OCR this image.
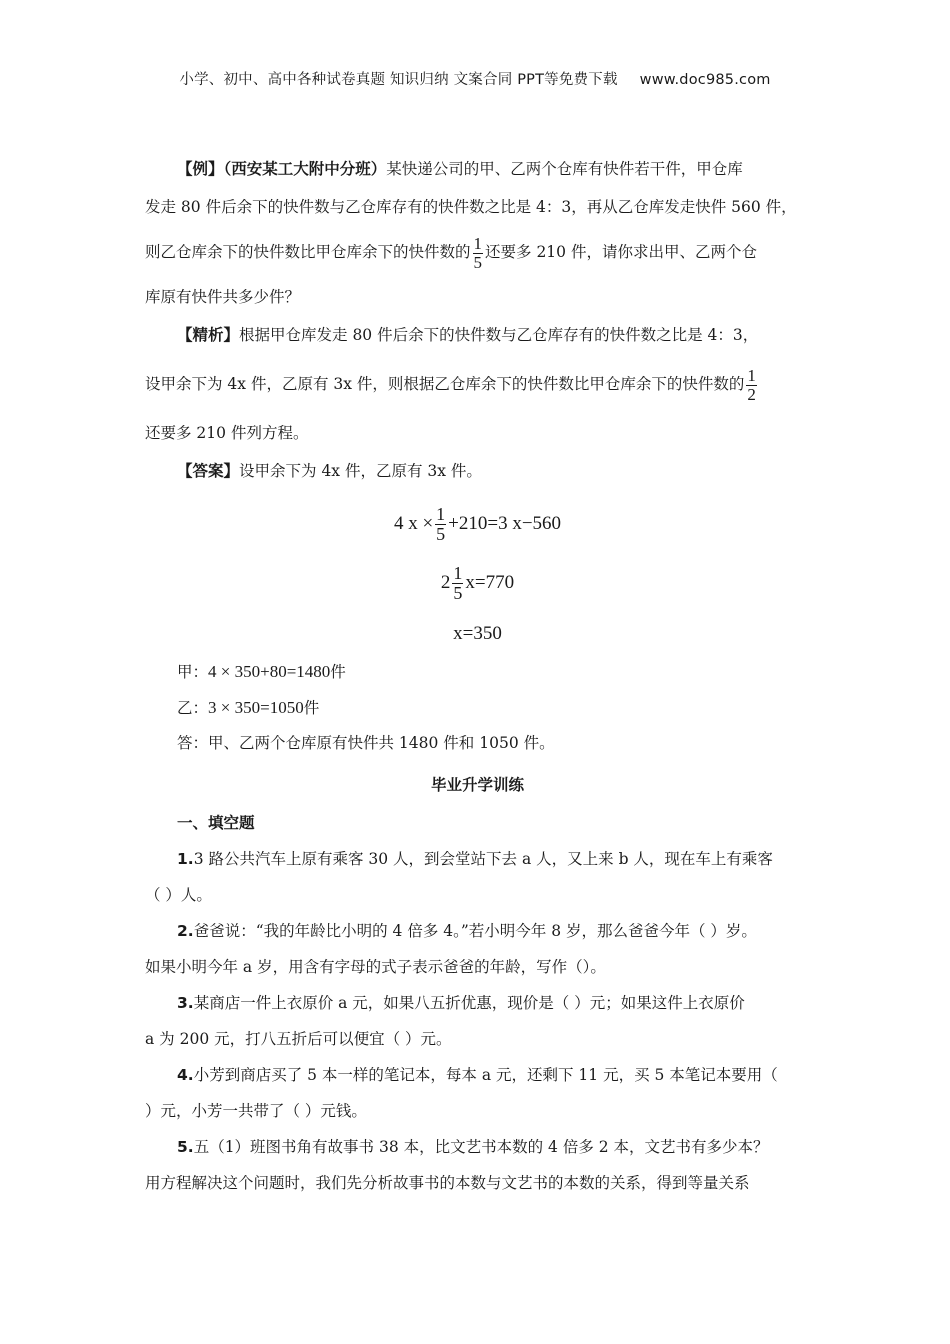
小学、初中、高中各种试卷真题 知识归纳 文案合同 PPT等免费下载 www.doc985.com

【例】（西安某工大附中分班）某快递公司的甲、乙两个仓库有快件若干件，甲仓库

发走 80 件后余下的快件数与乙仓库存有的快件数之比是 4：3，再从乙仓库发走快件 560 件，

则乙仓库余下的快件数比甲仓库余下的快件数的 $\frac{1}{5}$ 还要多 210 件，请你求出甲、乙两个仓

库原有快件共多少件？

【精析】根据甲仓库发走 80 件后余下的快件数与乙仓库存有的快件数之比是 4：3，

设甲余下为 4x 件，乙原有 3x 件，则根据乙仓库余下的快件数比甲仓库余下的快件数的 $\frac{1}{2}$

还要多 210 件列方程。

【答案】设甲余下为 4x 件，乙原有 3x 件。

4 $x \times \frac{1}{5} +210=3$ x−560

$2 \frac{1}{5} x=770$

x=350

甲：4 × 350+80=1480件

乙：3 × 350=1050件

答：甲、乙两个仓库原有快件共 1480 件和 1050 件。

毕业升学训练

一、填空题

1.3 路公共汽车上原有乘客 30 人，到会堂站下去 a 人，又上来 b 人，现在车上有乘客

（ ）人。

2.爸爸说：“我的年龄比小明的 4 倍多 4。”若小明今年 8 岁，那么爸爸今年（ ）岁。

如果小明今年 a 岁，用含有字母的式子表示爸爸的年龄，写作（）。

3.某商店一件上衣原价 a 元，如果八五折优惠，现价是（ ）元；如果这件上衣原价

a 为 200 元，打八五折后可以便宜（ ）元。

4.小芳到商店买了 5 本一样的笔记本，每本 a 元，还剩下 11 元，买 5 本笔记本要用（

）元，小芳一共带了（ ）元钱。

5.五（1）班图书角有故事书 38 本，比文艺书本数的 4 倍多 2 本，文艺书有多少本？

用方程解决这个问题时，我们先分析故事书的本数与文艺书的本数的关系，得到等量关系
